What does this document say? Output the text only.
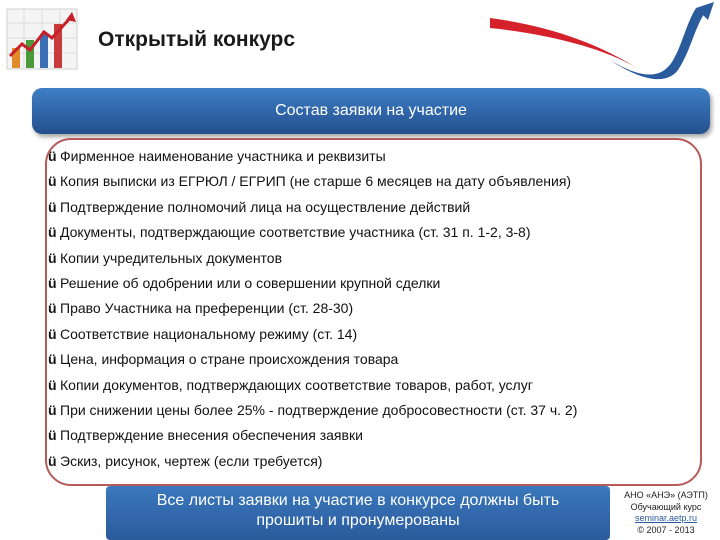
Открытый конкурс
Состав заявки на участие
ü Фирменное наименование участника и реквизиты
ü Копия выписки из ЕГРЮЛ / ЕГРИП (не старше 6 месяцев на дату объявления)
ü Подтверждение полномочий лица на осуществление действий
ü Документы, подтверждающие соответствие участника (ст. 31 п. 1-2, 3-8)
ü Копии учредительных документов
ü Решение об одобрении или о совершении крупной сделки
ü Право Участника на преференции (ст. 28-30)
ü Соответствие национальному режиму (ст. 14)
ü Цена, информация о стране происхождения товара
ü Копии документов, подтверждающих соответствие товаров, работ, услуг
ü При снижении цены более 25% - подтверждение добросовестности (ст. 37 ч. 2)
ü Подтверждение внесения обеспечения заявки
ü Эскиз, рисунок, чертеж (если требуется)
Все листы заявки на участие в конкурсе должны быть
прошиты и пронумерованы
АНО «АНЭ» (АЭТП)
Обучающий курс
seminar.aetp.ru
© 2007 - 2013
